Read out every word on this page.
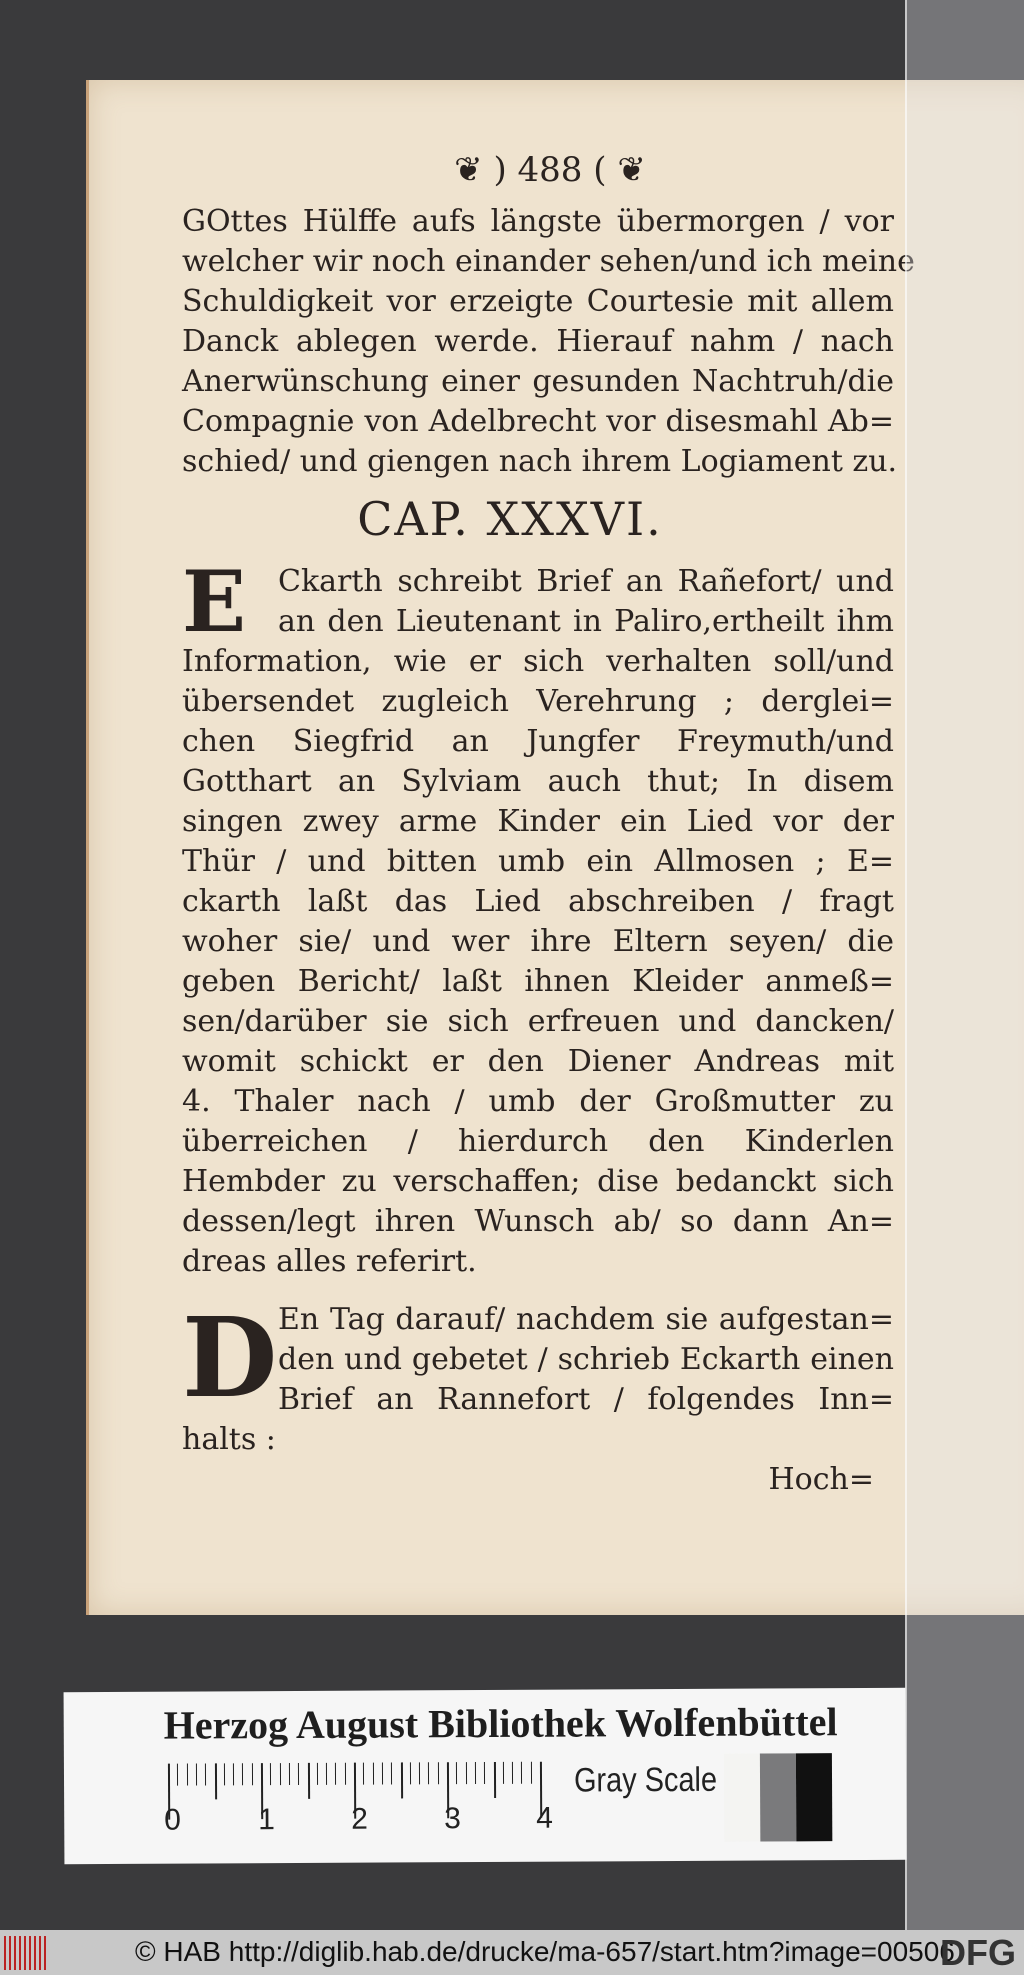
❦ ) 488 ( ❦
GOttes Hülffe aufs längste übermorgen / vor
welcher wir noch einander sehen/und ich meine
Schuldigkeit vor erzeigte Courtesie mit allem
Danck ablegen werde. Hierauf nahm / nach
Anerwünschung einer gesunden Nachtruh/die
Compagnie von Adelbrecht vor disesmahl Ab=
schied/ und giengen nach ihrem Logiament zu.
CAP. XXXVI.
E	Ckarth schreibt Brief an Rañefort/ und
an den Lieutenant in Paliro,ertheilt ihm
Information, wie er sich verhalten soll/und
übersendet zugleich Verehrung ; derglei=
chen Siegfrid an Jungfer Freymuth/und
Gotthart an Sylviam auch thut; In disem
singen zwey arme Kinder ein Lied vor der
Thür / und bitten umb ein Allmosen ; E=
ckarth laßt das Lied abschreiben / fragt
woher sie/ und wer ihre Eltern seyen/ die
geben Bericht/ laßt ihnen Kleider anmeß=
sen/darüber sie sich erfreuen und dancken/
womit schickt er den Diener Andreas mit
4. Thaler nach / umb der Großmutter zu
überreichen / hierdurch den Kinderlen
Hembder zu verschaffen; dise bedanckt sich
dessen/legt ihren Wunsch ab/ so dann An=
dreas alles referirt.
D En Tag darauf/ nachdem sie aufgestan=
den und gebetet / schrieb Eckarth einen
Brief an Rannefort / folgendes Inn=
halts :
Hoch=
Herzog August Bibliothek Wolfenbüttel
0	1	2	3	4
Gray Scale
© HAB http://diglib.hab.de/drucke/ma-657/start.htm?image=00506
DFG
